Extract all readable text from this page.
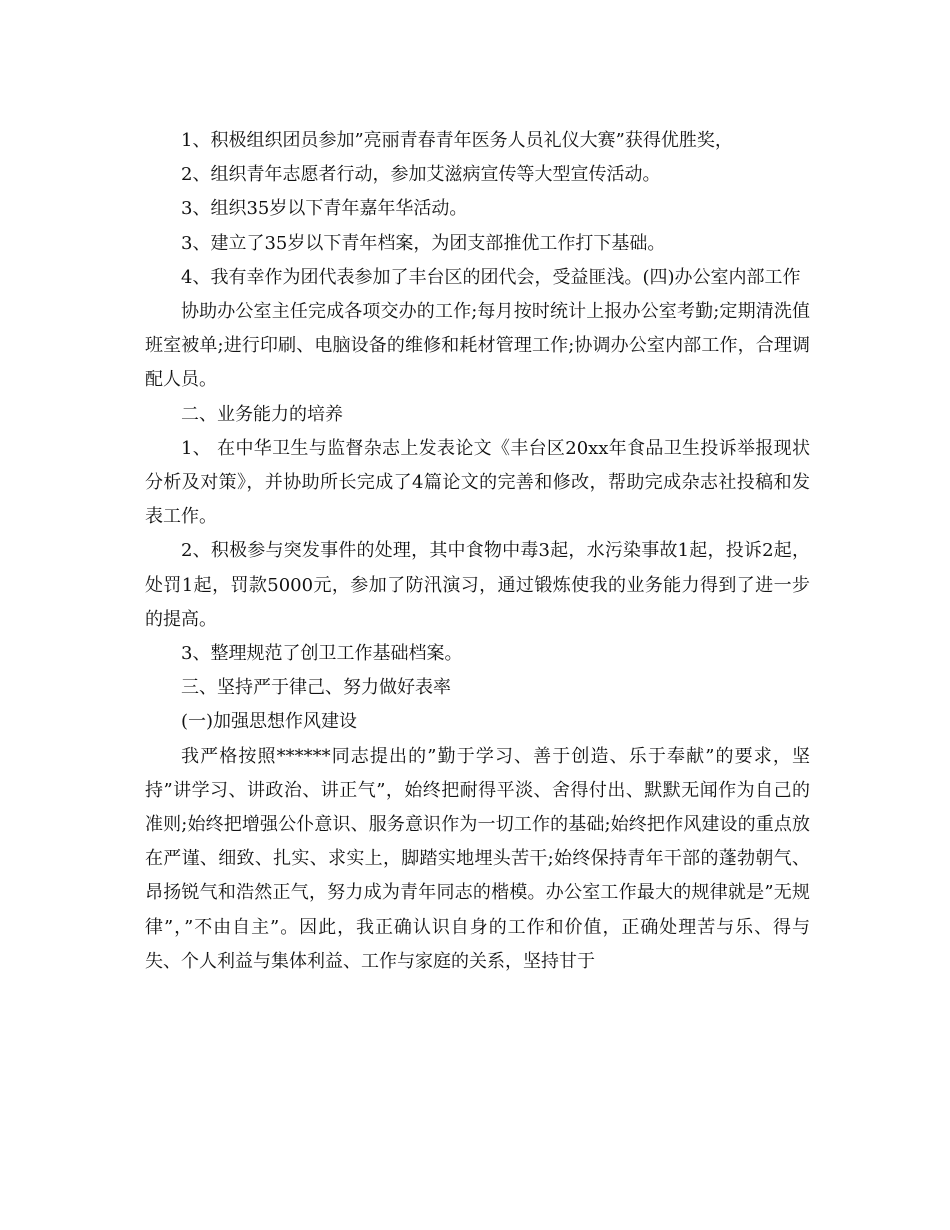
1、积极组织团员参加”亮丽青春青年医务人员礼仪大赛”获得优胜奖，

2、组织青年志愿者行动，参加艾滋病宣传等大型宣传活动。

3、组织35岁以下青年嘉年华活动。

3、建立了35岁以下青年档案，为团支部推优工作打下基础。

4、我有幸作为团代表参加了丰台区的团代会，受益匪浅。(四)办公室内部工作

协助办公室主任完成各项交办的工作;每月按时统计上报办公室考勤;定期清洗值班室被单;进行印刷、电脑设备的维修和耗材管理工作;协调办公室内部工作，合理调配人员。

二、业务能力的培养

1、 在中华卫生与监督杂志上发表论文《丰台区20xx年食品卫生投诉举报现状分析及对策》，并协助所长完成了4篇论文的完善和修改，帮助完成杂志社投稿和发表工作。

2、积极参与突发事件的处理，其中食物中毒3起，水污染事故1起，投诉2起，处罚1起，罚款5000元，参加了防汛演习，通过锻炼使我的业务能力得到了进一步的提高。

3、整理规范了创卫工作基础档案。

三、坚持严于律己、努力做好表率

(一)加强思想作风建设

我严格按照******同志提出的”勤于学习、善于创造、乐于奉献”的要求，坚持”讲学习、讲政治、讲正气”，始终把耐得平淡、舍得付出、默默无闻作为自己的准则;始终把增强公仆意识、服务意识作为一切工作的基础;始终把作风建设的重点放在严谨、细致、扎实、求实上，脚踏实地埋头苦干;始终保持青年干部的蓬勃朝气、昂扬锐气和浩然正气，努力成为青年同志的楷模。办公室工作最大的规律就是”无规律”，”不由自主”。因此，我正确认识自身的工作和价值，正确处理苦与乐、得与失、个人利益与集体利益、工作与家庭的关系，坚持甘于
